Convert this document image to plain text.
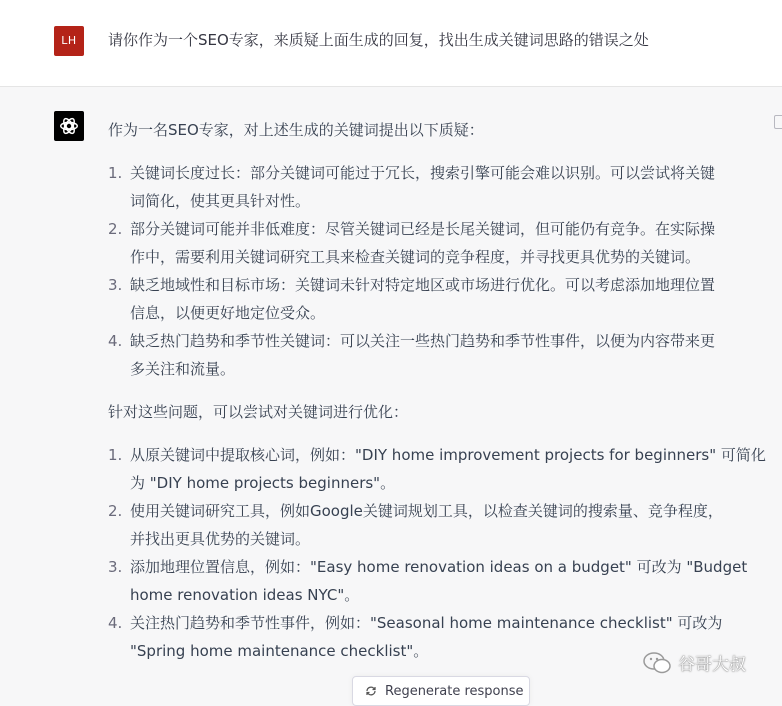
LH	请你作为一个SEO专家，来质疑上面生成的回复，找出生成关键词思路的错误之处

作为一名SEO专家，对上述生成的关键词提出以下质疑：

1. 关键词长度过长：部分关键词可能过于冗长，搜索引擎可能会难以识别。可以尝试将关键
词简化，使其更具针对性。
2. 部分关键词可能并非低难度：尽管关键词已经是长尾关键词，但可能仍有竞争。在实际操
作中，需要利用关键词研究工具来检查关键词的竞争程度，并寻找更具优势的关键词。
3. 缺乏地域性和目标市场：关键词未针对特定地区或市场进行优化。可以考虑添加地理位置
信息，以便更好地定位受众。
4. 缺乏热门趋势和季节性关键词：可以关注一些热门趋势和季节性事件，以便为内容带来更
多关注和流量。

针对这些问题，可以尝试对关键词进行优化：

1. 从原关键词中提取核心词，例如："DIY home improvement projects for beginners" 可简化
为 "DIY home projects beginners"。
2. 使用关键词研究工具，例如Google关键词规划工具，以检查关键词的搜索量、竞争程度，
并找出更具优势的关键词。
3. 添加地理位置信息，例如："Easy home renovation ideas on a budget" 可改为 "Budget
home renovation ideas NYC"。
4. 关注热门趋势和季节性事件，例如："Seasonal home maintenance checklist" 可改为
"Spring home maintenance checklist"。
Regenerate response
谷哥大叔
